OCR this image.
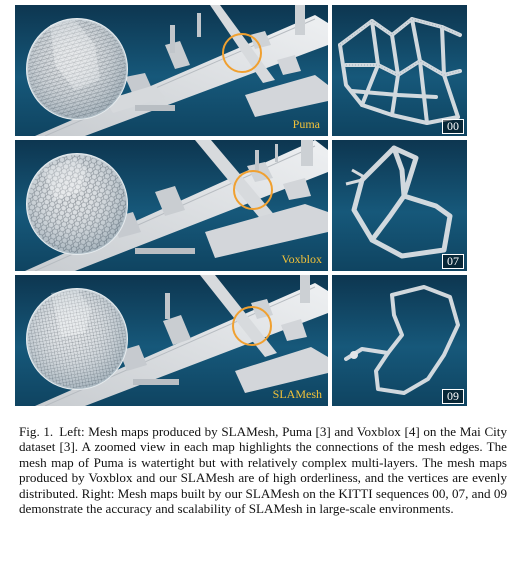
Puma
Voxblox
SLAMesh
00
07
09
Fig. 1. Left: Mesh maps produced by SLAMesh, Puma [3] and Voxblox [4] on the Mai City dataset [3]. A zoomed view in each map highlights the connections of the mesh edges. The mesh map of Puma is watertight but with relatively complex multi-layers. The mesh maps produced by Voxblox and our SLAMesh are of high orderliness, and the vertices are evenly distributed. Right: Mesh maps built by our SLAMesh on the KITTI sequences 00, 07, and 09 demonstrate the accuracy and scalability of SLAMesh in large-scale environments.
